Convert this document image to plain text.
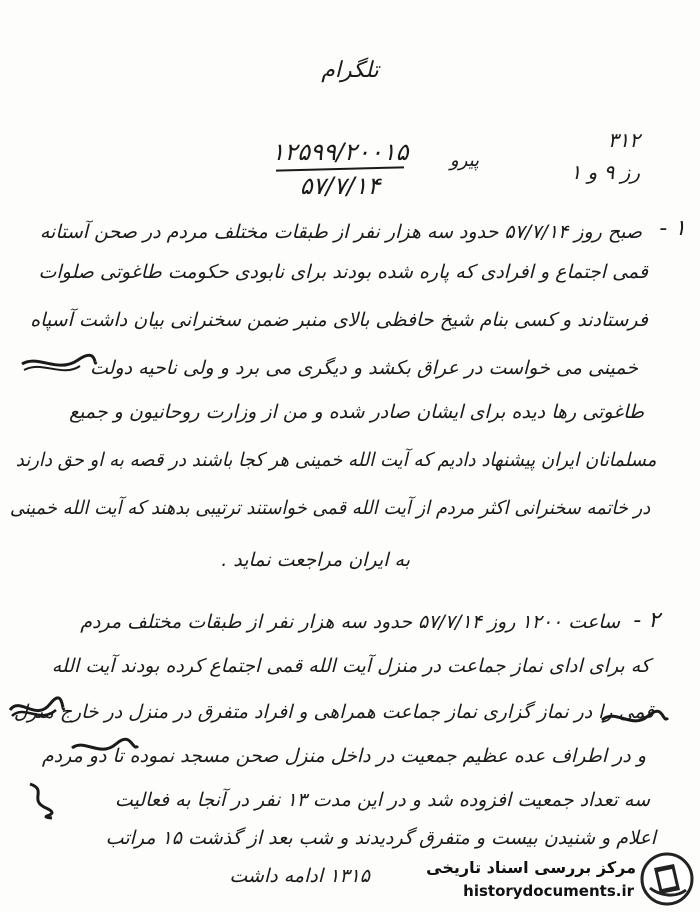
تلگرام
۱۲۵۹۹/۲۰۰۱۵
۵۷/۷/۱۴
پیرو
۳۱۲
رز ۹ و ۱
۱ -
صبح روز ۵۷/۷/۱۴ حدود سه هزار نفر از طبقات مختلف مردم در صحن آستانه
قمی اجتماع و افرادی که پاره شده بودند برای نابودی حکومت طاغوتی صلوات
فرستادند و کسی بنام شیخ حافظی بالای منبر ضمن سخنرانی بیان داشت آسپاه
خمینی می خواست در عراق بکشد و دیگری می برد و ولی ناحیه دولت
طاغوتی رها دیده برای ایشان صادر شده و من از وزارت روحانیون و جمیع
مسلمانان ایران پیشنهاد دادیم که آیت الله خمینی هر کجا باشند در قصه به او حق دارند
در خاتمه سخنرانی اکثر مردم از آیت الله قمی خواستند ترتیبی بدهند که آیت الله خمینی
به ایران مراجعت نماید .
۲ -
ساعت ۱۲۰۰ روز ۵۷/۷/۱۴ حدود سه هزار نفر از طبقات مختلف مردم
که برای ادای نماز جماعت در منزل آیت الله قمی اجتماع کرده بودند آیت الله
قمی را در نماز گزاری نماز جماعت همراهی و افراد متفرق در منزل در خارج منزل
و در اطراف عده عظیم جمعیت در داخل منزل صحن مسجد نموده تا دو مردم
سه تعداد جمعیت افزوده شد و در این مدت ۱۳ نفر در آنجا به فعالیت
اعلام و شنیدن بیست و متفرق گردیدند و شب بعد از گذشت ۱۵ مراتب
۱۳۱۵ ادامه داشت	مرکز بررسی اسناد تاریخی
historydocuments.ir
